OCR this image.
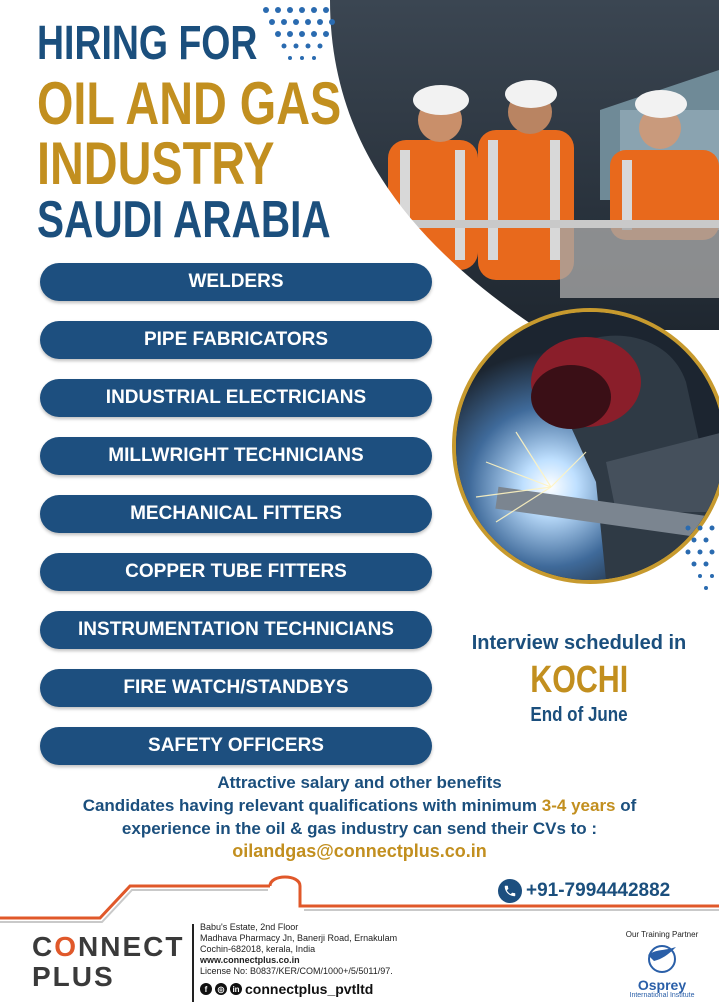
HIRING FOR
OIL AND GAS
INDUSTRY
SAUDI ARABIA
WELDERS
PIPE FABRICATORS
INDUSTRIAL ELECTRICIANS
MILLWRIGHT TECHNICIANS
MECHANICAL FITTERS
COPPER TUBE FITTERS
INSTRUMENTATION TECHNICIANS
FIRE WATCH/STANDBYS
SAFETY OFFICERS
Interview scheduled in
KOCHI
End of June
Attractive salary and other benefits
Candidates having relevant qualifications with minimum 3-4 years of
experience in the oil & gas industry can send their CVs to :
oilandgas@connectplus.co.in
+91-7994442882
CONNECT
PLUS
Babu's Estate, 2nd Floor
Madhava Pharmacy Jn, Banerji Road, Ernakulam
Cochin-682018, kerala, India
www.connectplus.co.in
License No: B0837/KER/COM/1000+/5/5011/97.
f	◎ in connectplus_pvtltd
Our Training Partner
Osprey
International Institute
